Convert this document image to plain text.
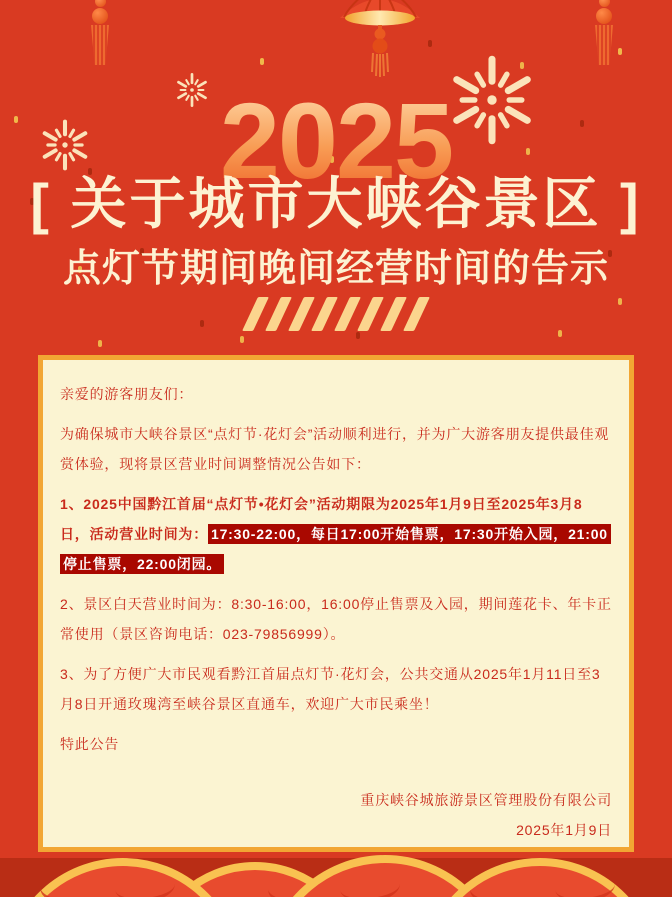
2025
[ 关于城市大峡谷景区 ]
点灯节期间晚间经营时间的告示

亲爱的游客朋友们：

为确保城市大峡谷景区“点灯节·花灯会”活动顺利进行，并为广大游客朋友提供最佳观赏体验，现将景区营业时间调整情况公告如下：

1、2025中国黔江首届“点灯节•花灯会”活动期限为2025年1月9日至2025年3月8日，活动营业时间为： 17:30-22:00，每日17:00开始售票，17:30开始入园，21:00停止售票，22:00闭园。

2、景区白天营业时间为：8:30-16:00，16:00停止售票及入园，期间莲花卡、年卡正常使用（景区咨询电话：023-79856999）。

3、为了方便广大市民观看黔江首届点灯节·花灯会，公共交通从2025年1月11日至3月8日开通玫瑰湾至峡谷景区直通车，欢迎广大市民乘坐！

特此公告

重庆峡谷城旅游景区管理股份有限公司

2025年1月9日
